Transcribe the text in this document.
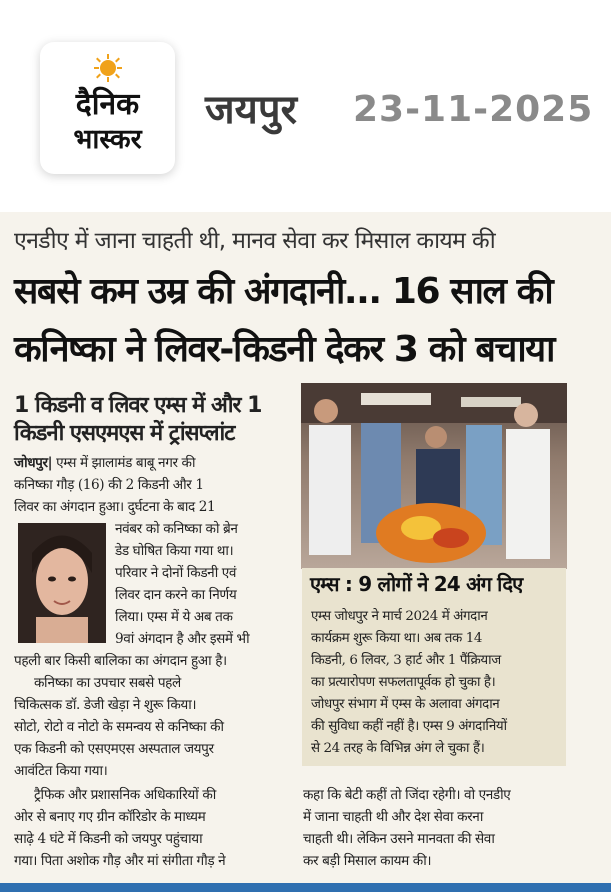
दैनिक
भास्कर
जयपुर 23-11-2025
एनडीए में जाना चाहती थी, मानव सेवा कर मिसाल कायम की
सबसे कम उम्र की अंगदानी... 16 साल की
कनिष्का ने लिवर-किडनी देकर 3 को बचाया
1 किडनी व लिवर एम्स में और 1
किडनी एसएमएस में ट्रांसप्लांट
जोधपुर| एम्स में झालामंड बाबू नगर की
कनिष्का गौड़ (16) की 2 किडनी और 1
लिवर का अंगदान हुआ। दुर्घटना के बाद 21
नवंबर को कनिष्का को ब्रेन
डेड घोषित किया गया था।
परिवार ने दोनों किडनी एवं
लिवर दान करने का निर्णय
लिया। एम्स में ये अब तक
9वां अंगदान है और इसमें भी
पहली बार किसी बालिका का अंगदान हुआ है।
कनिष्का का उपचार सबसे पहले
चिकित्सक डॉ. डेजी खेड़ा ने शुरू किया।
सोटो, रोटो व नोटो के समन्वय से कनिष्का की
एक किडनी को एसएमएस अस्पताल जयपुर
आवंटित किया गया।
ट्रैफिक और प्रशासनिक अधिकारियों की
ओर से बनाए गए ग्रीन कॉरिडोर के माध्यम
साढ़े 4 घंटे में किडनी को जयपुर पहुंचाया
गया। पिता अशोक गौड़ और मां संगीता गौड़ ने
एम्स : 9 लोगों ने 24 अंग दिए
एम्स जोधपुर ने मार्च 2024 में अंगदान
कार्यक्रम शुरू किया था। अब तक 14
किडनी, 6 लिवर, 3 हार्ट और 1 पैंक्रियाज
का प्रत्यारोपण सफलतापूर्वक हो चुका है।
जोधपुर संभाग में एम्स के अलावा अंगदान
की सुविधा कहीं नहीं है। एम्स 9 अंगदानियों
से 24 तरह के विभिन्न अंग ले चुका हैं।
कहा कि बेटी कहीं तो जिंदा रहेगी। वो एनडीए
में जाना चाहती थी और देश सेवा करना
चाहती थी। लेकिन उसने मानवता की सेवा
कर बड़ी मिसाल कायम की।
